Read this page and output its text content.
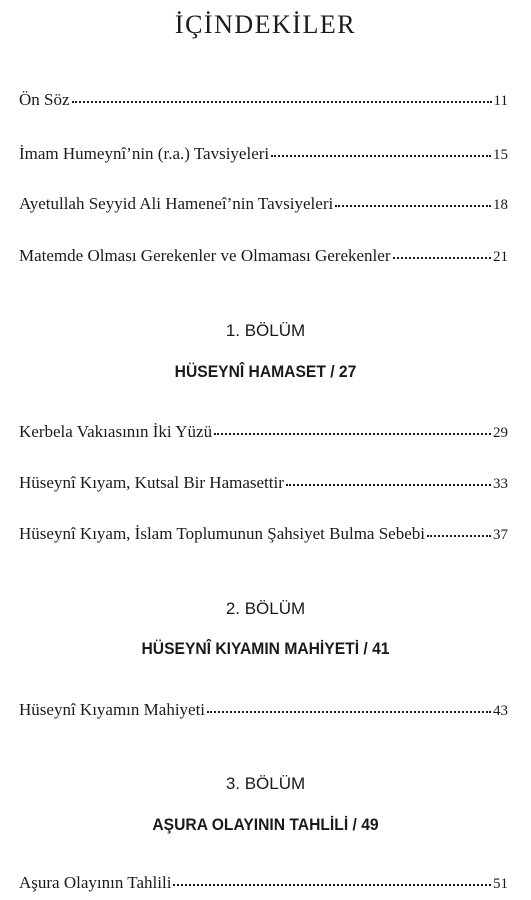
İÇİNDEKİLER
Ön Söz	11
İmam Humeynî’nin (r.a.) Tavsiyeleri	15
Ayetullah Seyyid Ali Hameneî’nin Tavsiyeleri	18
Matemde Olması Gerekenler ve Olmaması Gerekenler	21
1. BÖLÜM
HÜSEYNÎ HAMASET / 27
Kerbela Vakıasının İki Yüzü	29
Hüseynî Kıyam, Kutsal Bir Hamasettir	33
Hüseynî Kıyam, İslam Toplumunun Şahsiyet Bulma Sebebi	37
2. BÖLÜM
HÜSEYNÎ KIYAMIN MAHİYETİ / 41
Hüseynî Kıyamın Mahiyeti	43
3. BÖLÜM
AŞURA OLAYININ TAHLİLİ / 49
Aşura Olayının Tahlili	51
